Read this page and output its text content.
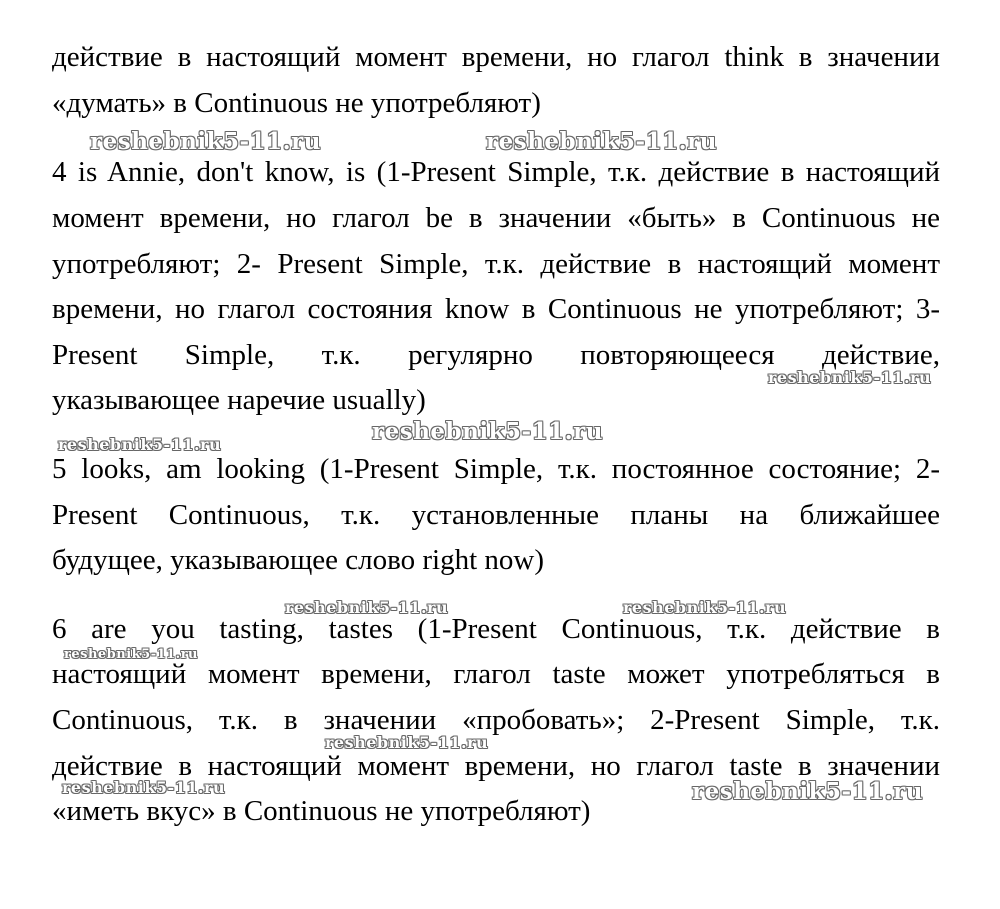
действие в настоящий момент времени, но глагол think в значении

«думать» в Continuous не употребляют)

4 is Annie, don't know, is (1-Present Simple, т.к. действие в настоящий

момент времени, но глагол be в значении «быть» в Continuous не

употребляют; 2- Present Simple, т.к. действие в настоящий момент

времени, но глагол состояния know в Continuous не употребляют; 3-

Present Simple, т.к. регулярно повторяющееся действие,

указывающее наречие usually)

5 looks, am looking (1-Present Simple, т.к. постоянное состояние; 2-

Present Continuous, т.к. установленные планы на ближайшее

будущее, указывающее слово right now)

6 are you tasting, tastes (1-Present Continuous, т.к. действие в

настоящий момент времени, глагол taste может употребляться в

Continuous, т.к. в значении «пробовать»; 2-Present Simple, т.к.

действие в настоящий момент времени, но глагол taste в значении

«иметь вкус» в Continuous не употребляют)

reshebnik5-11.ru	reshebnik5-11.ru
reshebnik5-11.ru
reshebnik5-11.ru
reshebnik5-11.ru
reshebnik5-11.ru	reshebnik5-11.ru
reshebnik5-11.ru
reshebnik5-11.ru
reshebnik5-11.ru	reshebnik5-11.ru
